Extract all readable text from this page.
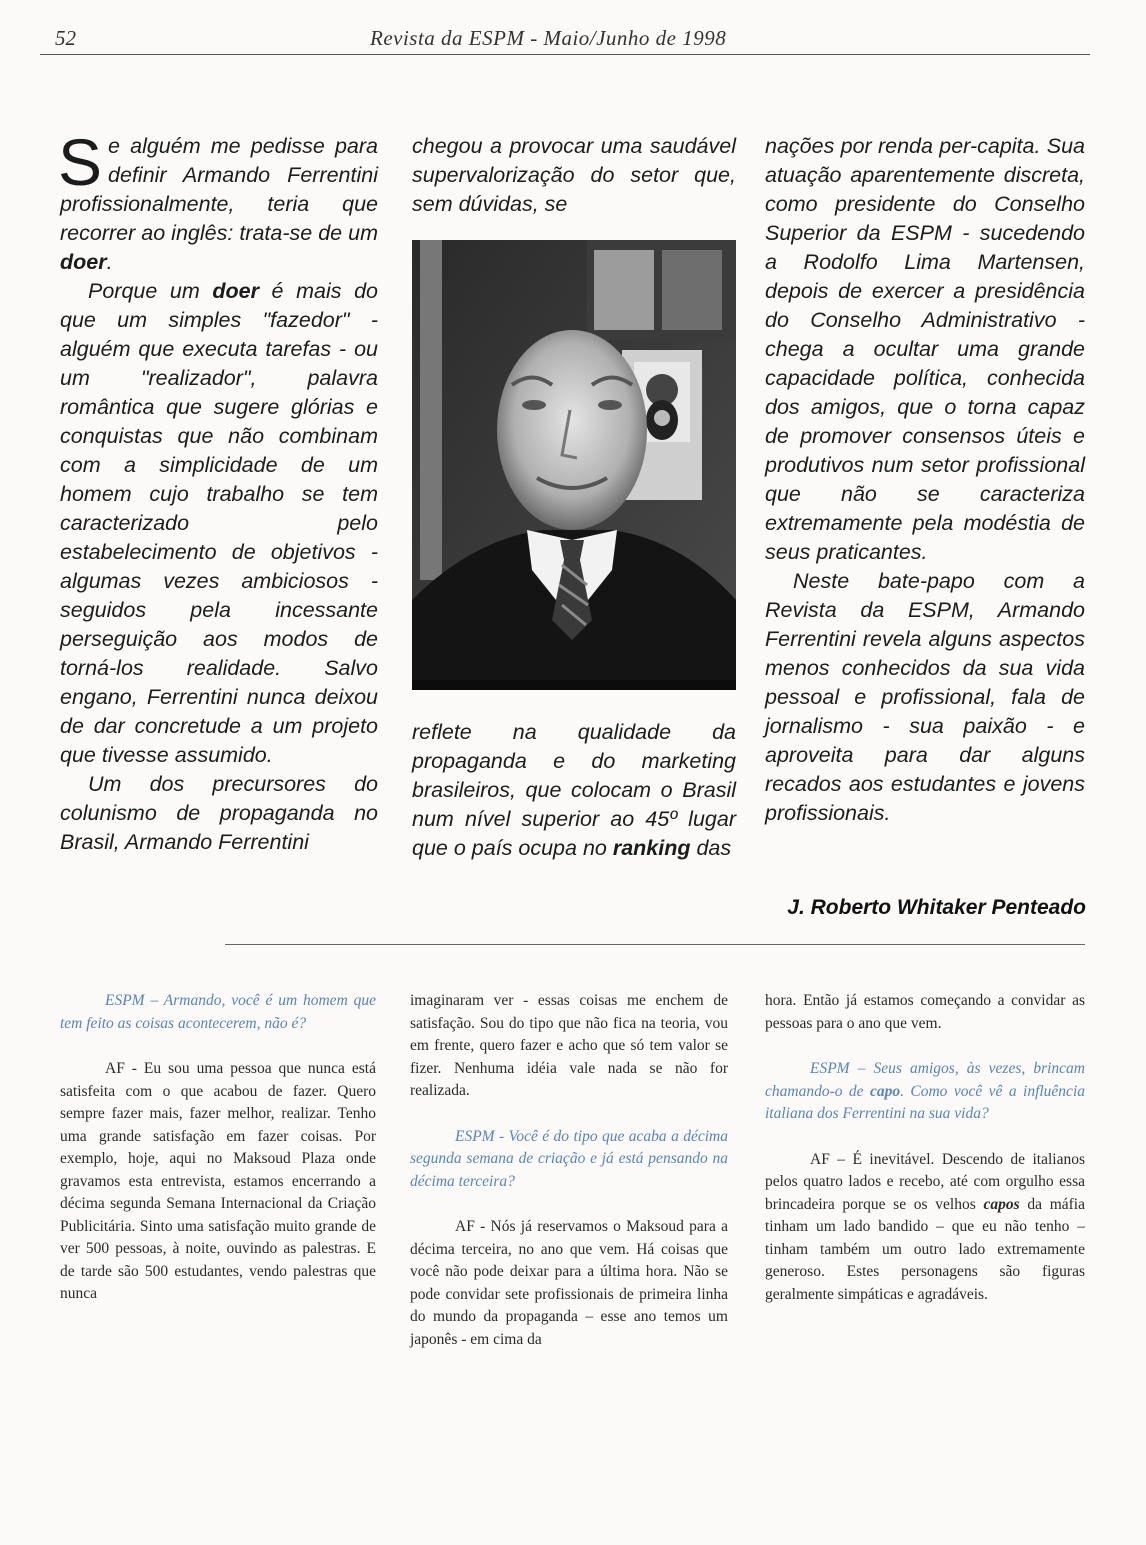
52	Revista da ESPM - Maio/Junho de 1998

Se alguém me pedisse para definir Armando Ferrentini profissionalmente, teria que recorrer ao inglês: trata-se de um doer.

Porque um doer é mais do que um simples "fazedor" - alguém que executa tarefas - ou um "realizador", palavra romântica que sugere glórias e conquistas que não combinam com a simplicidade de um homem cujo trabalho se tem caracterizado pelo estabelecimento de objetivos - algumas vezes ambiciosos - seguidos pela incessante perseguição aos modos de torná-los realidade. Salvo engano, Ferrentini nunca deixou de dar concretude a um projeto que tivesse assumido.

Um dos precursores do colunismo de propaganda no Brasil, Armando Ferrentini

chegou a provocar uma saudável supervalorização do setor que, sem dúvidas, se

reflete na qualidade da propaganda e do marketing brasileiros, que colocam o Brasil num nível superior ao 45º lugar que o país ocupa no ranking das

nações por renda per-capita. Sua atuação aparentemente discreta, como presidente do Conselho Superior da ESPM - sucedendo a Rodolfo Lima Martensen, depois de exercer a presidência do Conselho Administrativo - chega a ocultar uma grande capacidade política, conhecida dos amigos, que o torna capaz de promover consensos úteis e produtivos num setor profissional que não se caracteriza extremamente pela modéstia de seus praticantes.

Neste bate-papo com a Revista da ESPM, Armando Ferrentini revela alguns aspectos menos conhecidos da sua vida pessoal e profissional, fala de jornalismo - sua paixão - e aproveita para dar alguns recados aos estudantes e jovens profissionais.

J. Roberto Whitaker Penteado

ESPM – Armando, você é um homem que tem feito as coisas acontecerem, não é?

AF - Eu sou uma pessoa que nunca está satisfeita com o que acabou de fazer. Quero sempre fazer mais, fazer melhor, realizar. Tenho uma grande satisfação em fazer coisas. Por exemplo, hoje, aqui no Maksoud Plaza onde gravamos esta entrevista, estamos encerrando a décima segunda Semana Internacional da Criação Publicitária. Sinto uma satisfação muito grande de ver 500 pessoas, à noite, ouvindo as palestras. E de tarde são 500 estudantes, vendo palestras que nunca

imaginaram ver - essas coisas me enchem de satisfação. Sou do tipo que não fica na teoria, vou em frente, quero fazer e acho que só tem valor se fizer. Nenhuma idéia vale nada se não for realizada.

ESPM - Você é do tipo que acaba a décima segunda semana de criação e já está pensando na décima terceira?

AF - Nós já reservamos o Maksoud para a décima terceira, no ano que vem. Há coisas que você não pode deixar para a última hora. Não se pode convidar sete profissionais de primeira linha do mundo da propaganda – esse ano temos um japonês - em cima da

hora. Então já estamos começando a convidar as pessoas para o ano que vem.

ESPM – Seus amigos, às vezes, brincam chamando-o de capo. Como você vê a influência italiana dos Ferrentini na sua vida?

AF – É inevitável. Descendo de italianos pelos quatro lados e recebo, até com orgulho essa brincadeira porque se os velhos capos da máfia tinham um lado bandido – que eu não tenho – tinham também um outro lado extremamente generoso. Estes personagens são figuras geralmente simpáticas e agradáveis.
